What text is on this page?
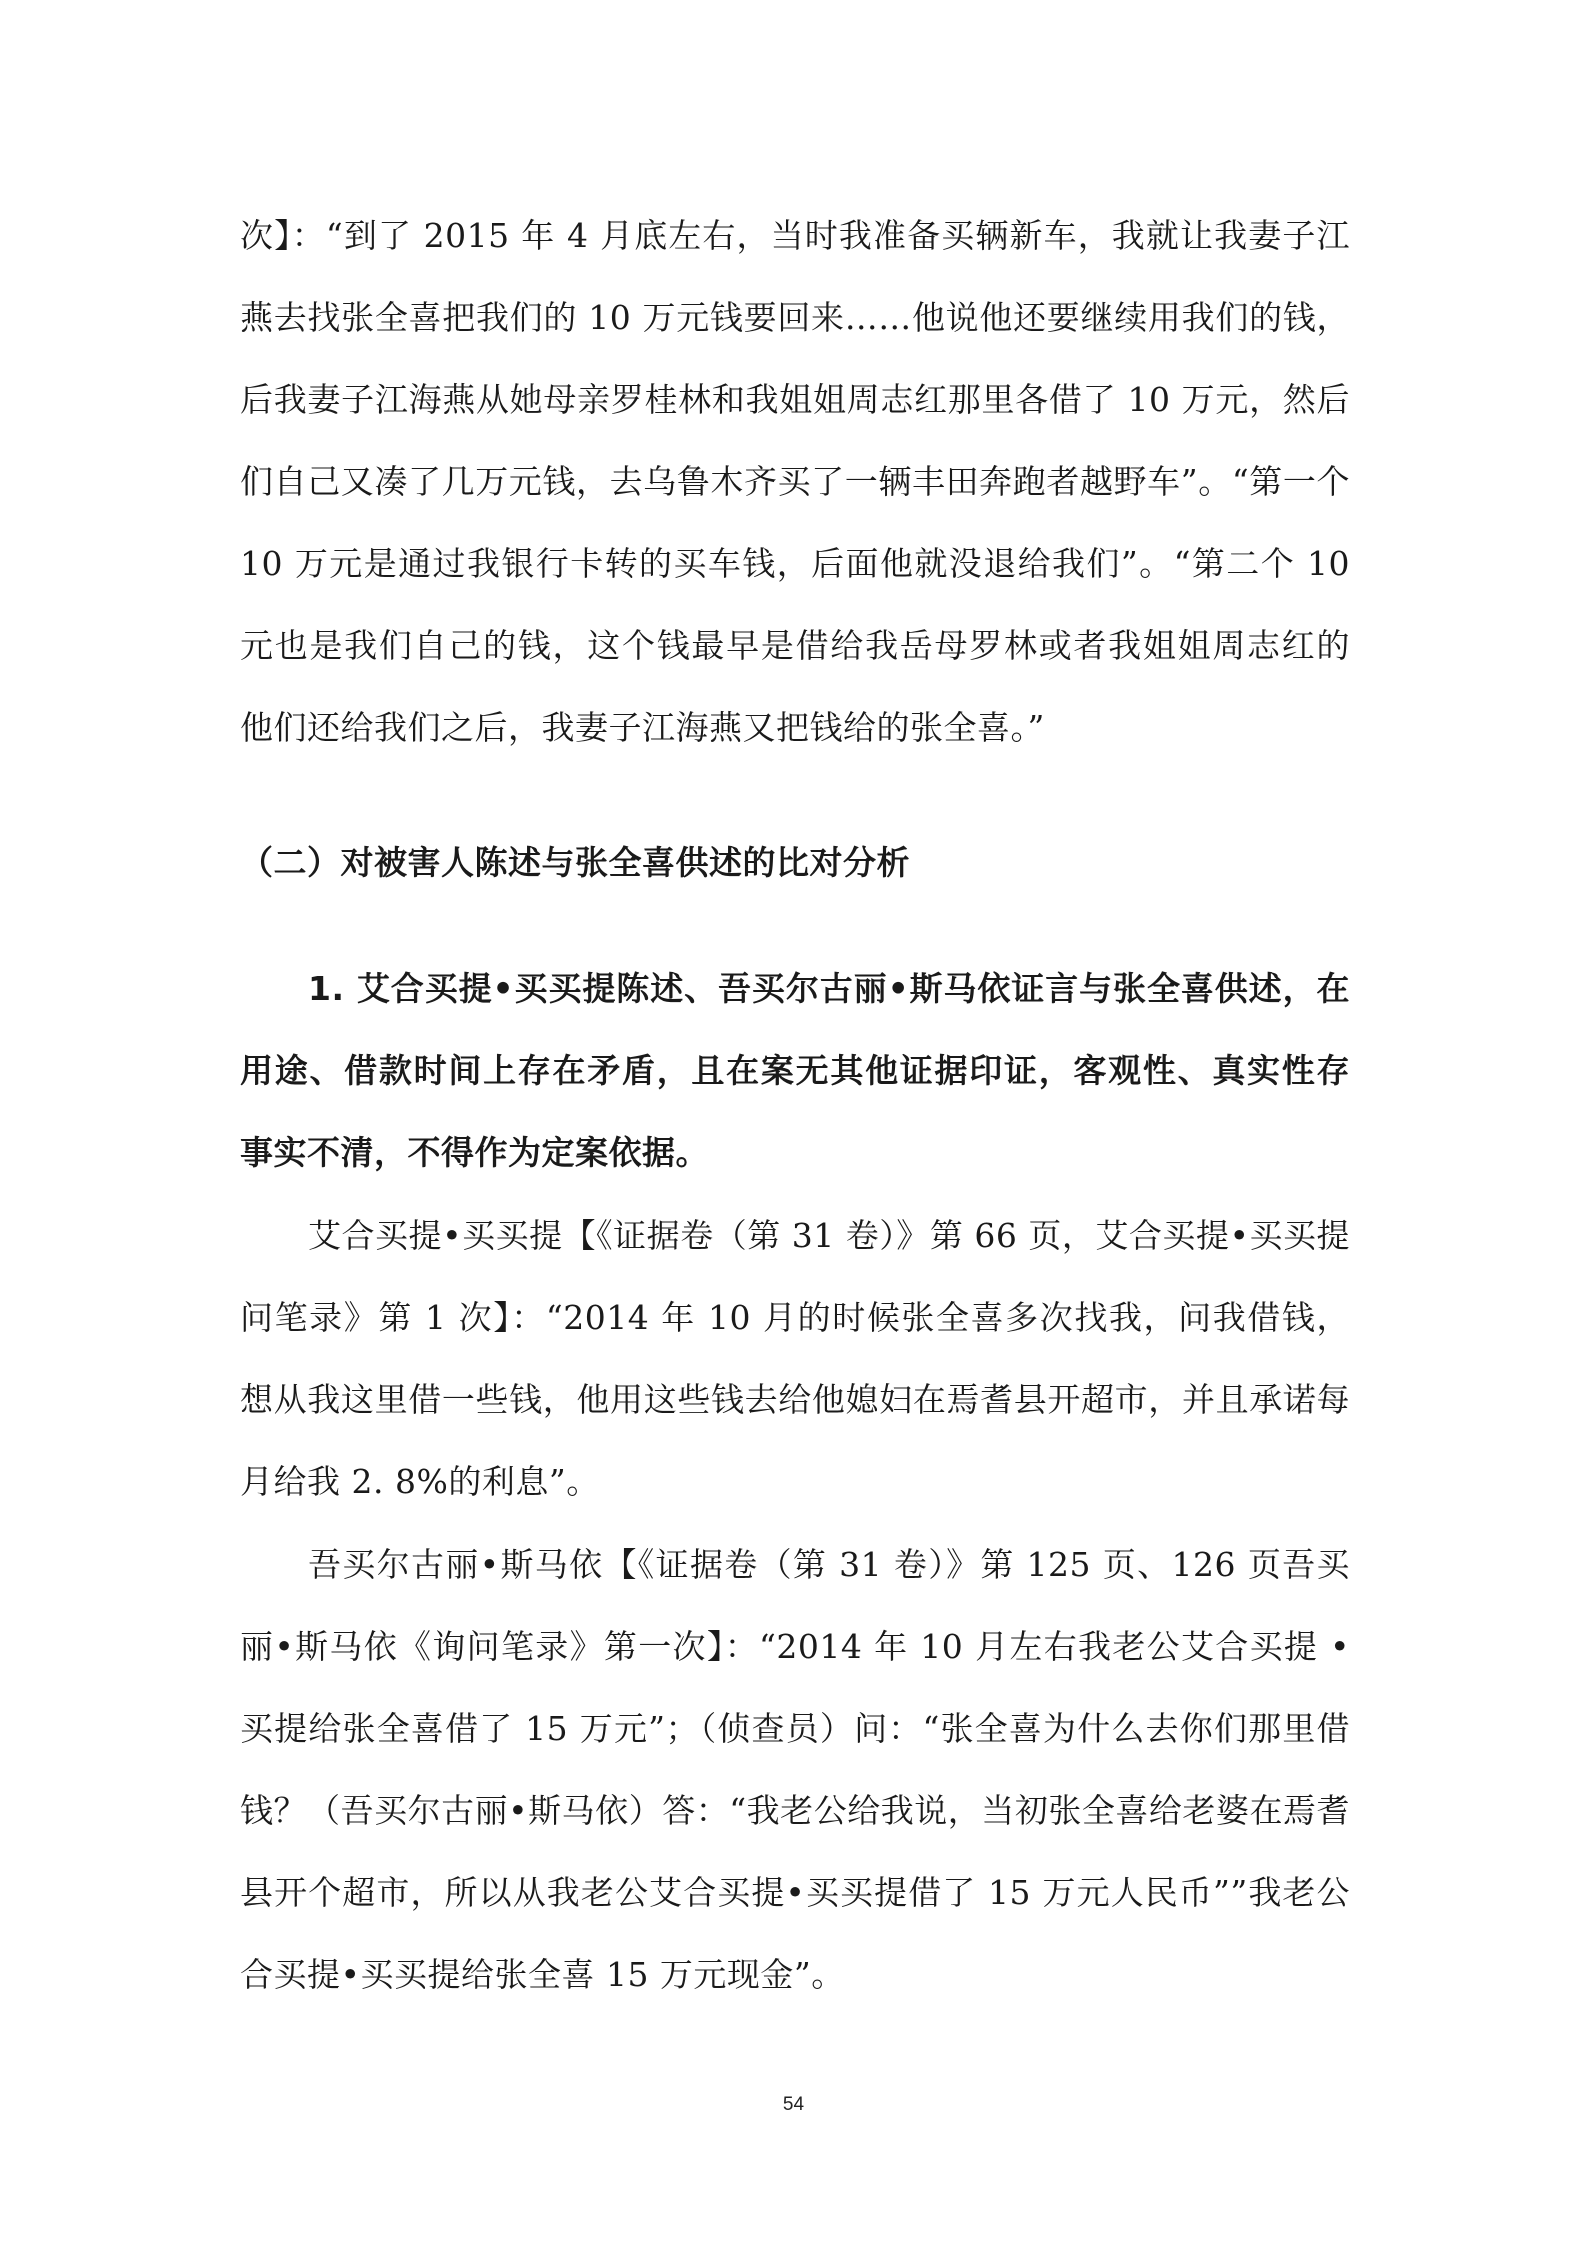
次】：“到了 2015 年 4 月底左右，当时我准备买辆新车，我就让我妻子江
燕去找张全喜把我们的 10 万元钱要回来……他说他还要继续用我们的钱，
后我妻子江海燕从她母亲罗桂林和我姐姐周志红那里各借了 10 万元，然后
们自己又凑了几万元钱，去乌鲁木齐买了一辆丰田奔跑者越野车”。“第一个
10 万元是通过我银行卡转的买车钱，后面他就没退给我们”。“第二个 10
元也是我们自己的钱，这个钱最早是借给我岳母罗林或者我姐姐周志红的
他们还给我们之后，我妻子江海燕又把钱给的张全喜。”
（二）对被害人陈述与张全喜供述的比对分析
1. 艾合买提•买买提陈述、吾买尔古丽•斯马依证言与张全喜供述，在
用途、借款时间上存在矛盾，且在案无其他证据印证，客观性、真实性存
事实不清，不得作为定案依据。
艾合买提•买买提【《证据卷（第 31 卷）》第 66 页，艾合买提•买买提
问笔录》第 1 次】：“2014 年 10 月的时候张全喜多次找我，问我借钱，
想从我这里借一些钱，他用这些钱去给他媳妇在焉耆县开超市，并且承诺每
月给我 2. 8%的利息”。
吾买尔古丽•斯马依【《证据卷（第 31 卷）》第 125 页、126 页吾买
丽•斯马依《询问笔录》第一次】：“2014 年 10 月左右我老公艾合买提 •
买提给张全喜借了 15 万元”；（侦查员）问：“张全喜为什么去你们那里借
钱？（吾买尔古丽•斯马依）答：“我老公给我说，当初张全喜给老婆在焉耆
县开个超市，所以从我老公艾合买提•买买提借了 15 万元人民币””我老公
合买提•买买提给张全喜 15 万元现金”。
54
